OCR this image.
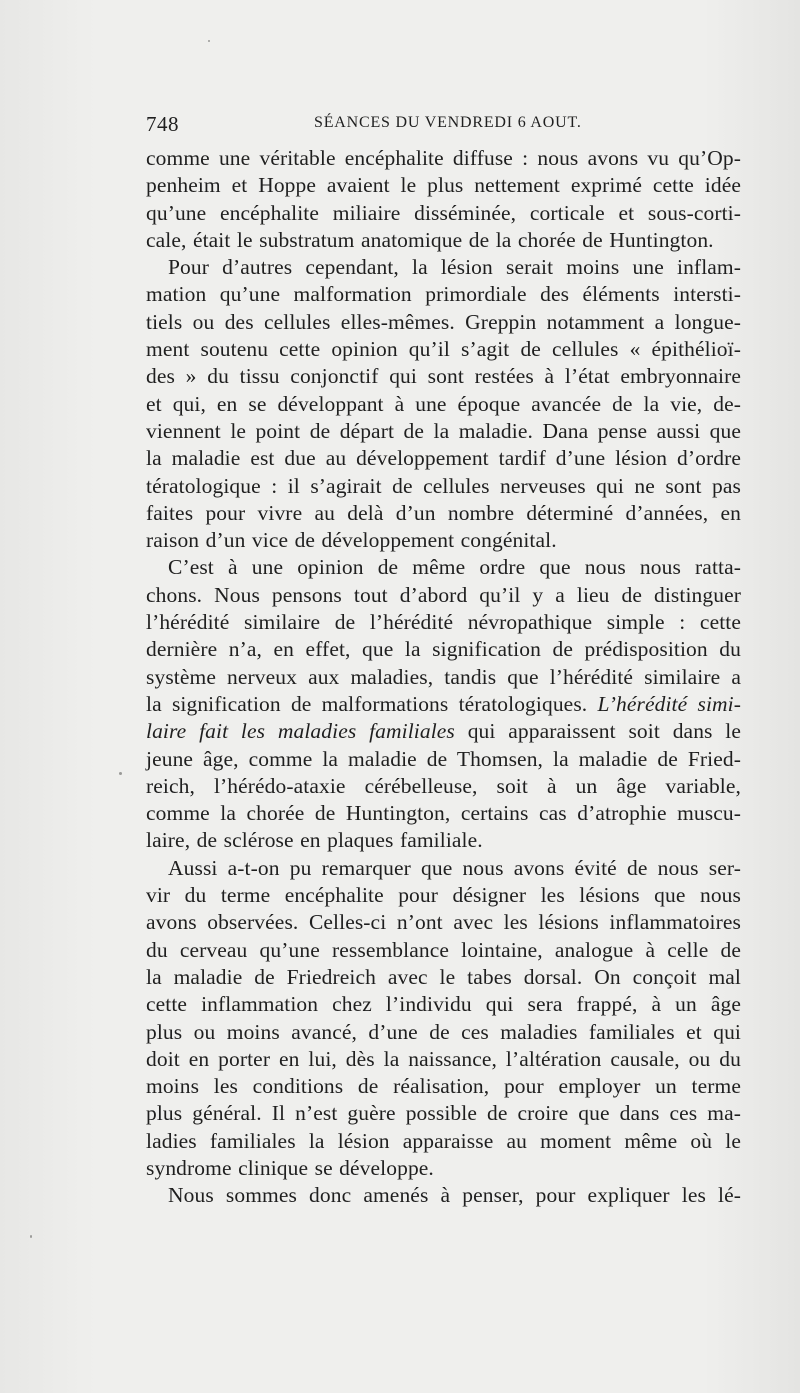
748	SÉANCES DU VENDREDI 6 AOUT.
comme une véritable encéphalite diffuse : nous avons vu qu’Op-
penheim et Hoppe avaient le plus nettement exprimé cette idée
qu’une encéphalite miliaire disséminée, corticale et sous-corti-
cale, était le substratum anatomique de la chorée de Huntington.
Pour d’autres cependant, la lésion serait moins une inflam-
mation qu’une malformation primordiale des éléments intersti-
tiels ou des cellules elles-mêmes. Greppin notamment a longue-
ment soutenu cette opinion qu’il s’agit de cellules « épithélioï-
des » du tissu conjonctif qui sont restées à l’état embryonnaire
et qui, en se développant à une époque avancée de la vie, de-
viennent le point de départ de la maladie. Dana pense aussi que
la maladie est due au développement tardif d’une lésion d’ordre
tératologique : il s’agirait de cellules nerveuses qui ne sont pas
faites pour vivre au delà d’un nombre déterminé d’années, en
raison d’un vice de développement congénital.
C’est à une opinion de même ordre que nous nous ratta-
chons. Nous pensons tout d’abord qu’il y a lieu de distinguer
l’hérédité similaire de l’hérédité névropathique simple : cette
dernière n’a, en effet, que la signification de prédisposition du
système nerveux aux maladies, tandis que l’hérédité similaire a
la signification de malformations tératologiques. L’hérédité simi-
laire fait les maladies familiales qui apparaissent soit dans le
jeune âge, comme la maladie de Thomsen, la maladie de Fried-
reich, l’hérédo-ataxie cérébelleuse, soit à un âge variable,
comme la chorée de Huntington, certains cas d’atrophie muscu-
laire, de sclérose en plaques familiale.
Aussi a-t-on pu remarquer que nous avons évité de nous ser-
vir du terme encéphalite pour désigner les lésions que nous
avons observées. Celles-ci n’ont avec les lésions inflammatoires
du cerveau qu’une ressemblance lointaine, analogue à celle de
la maladie de Friedreich avec le tabes dorsal. On conçoit mal
cette inflammation chez l’individu qui sera frappé, à un âge
plus ou moins avancé, d’une de ces maladies familiales et qui
doit en porter en lui, dès la naissance, l’altération causale, ou du
moins les conditions de réalisation, pour employer un terme
plus général. Il n’est guère possible de croire que dans ces ma-
ladies familiales la lésion apparaisse au moment même où le
syndrome clinique se développe.
Nous sommes donc amenés à penser, pour expliquer les lé-
